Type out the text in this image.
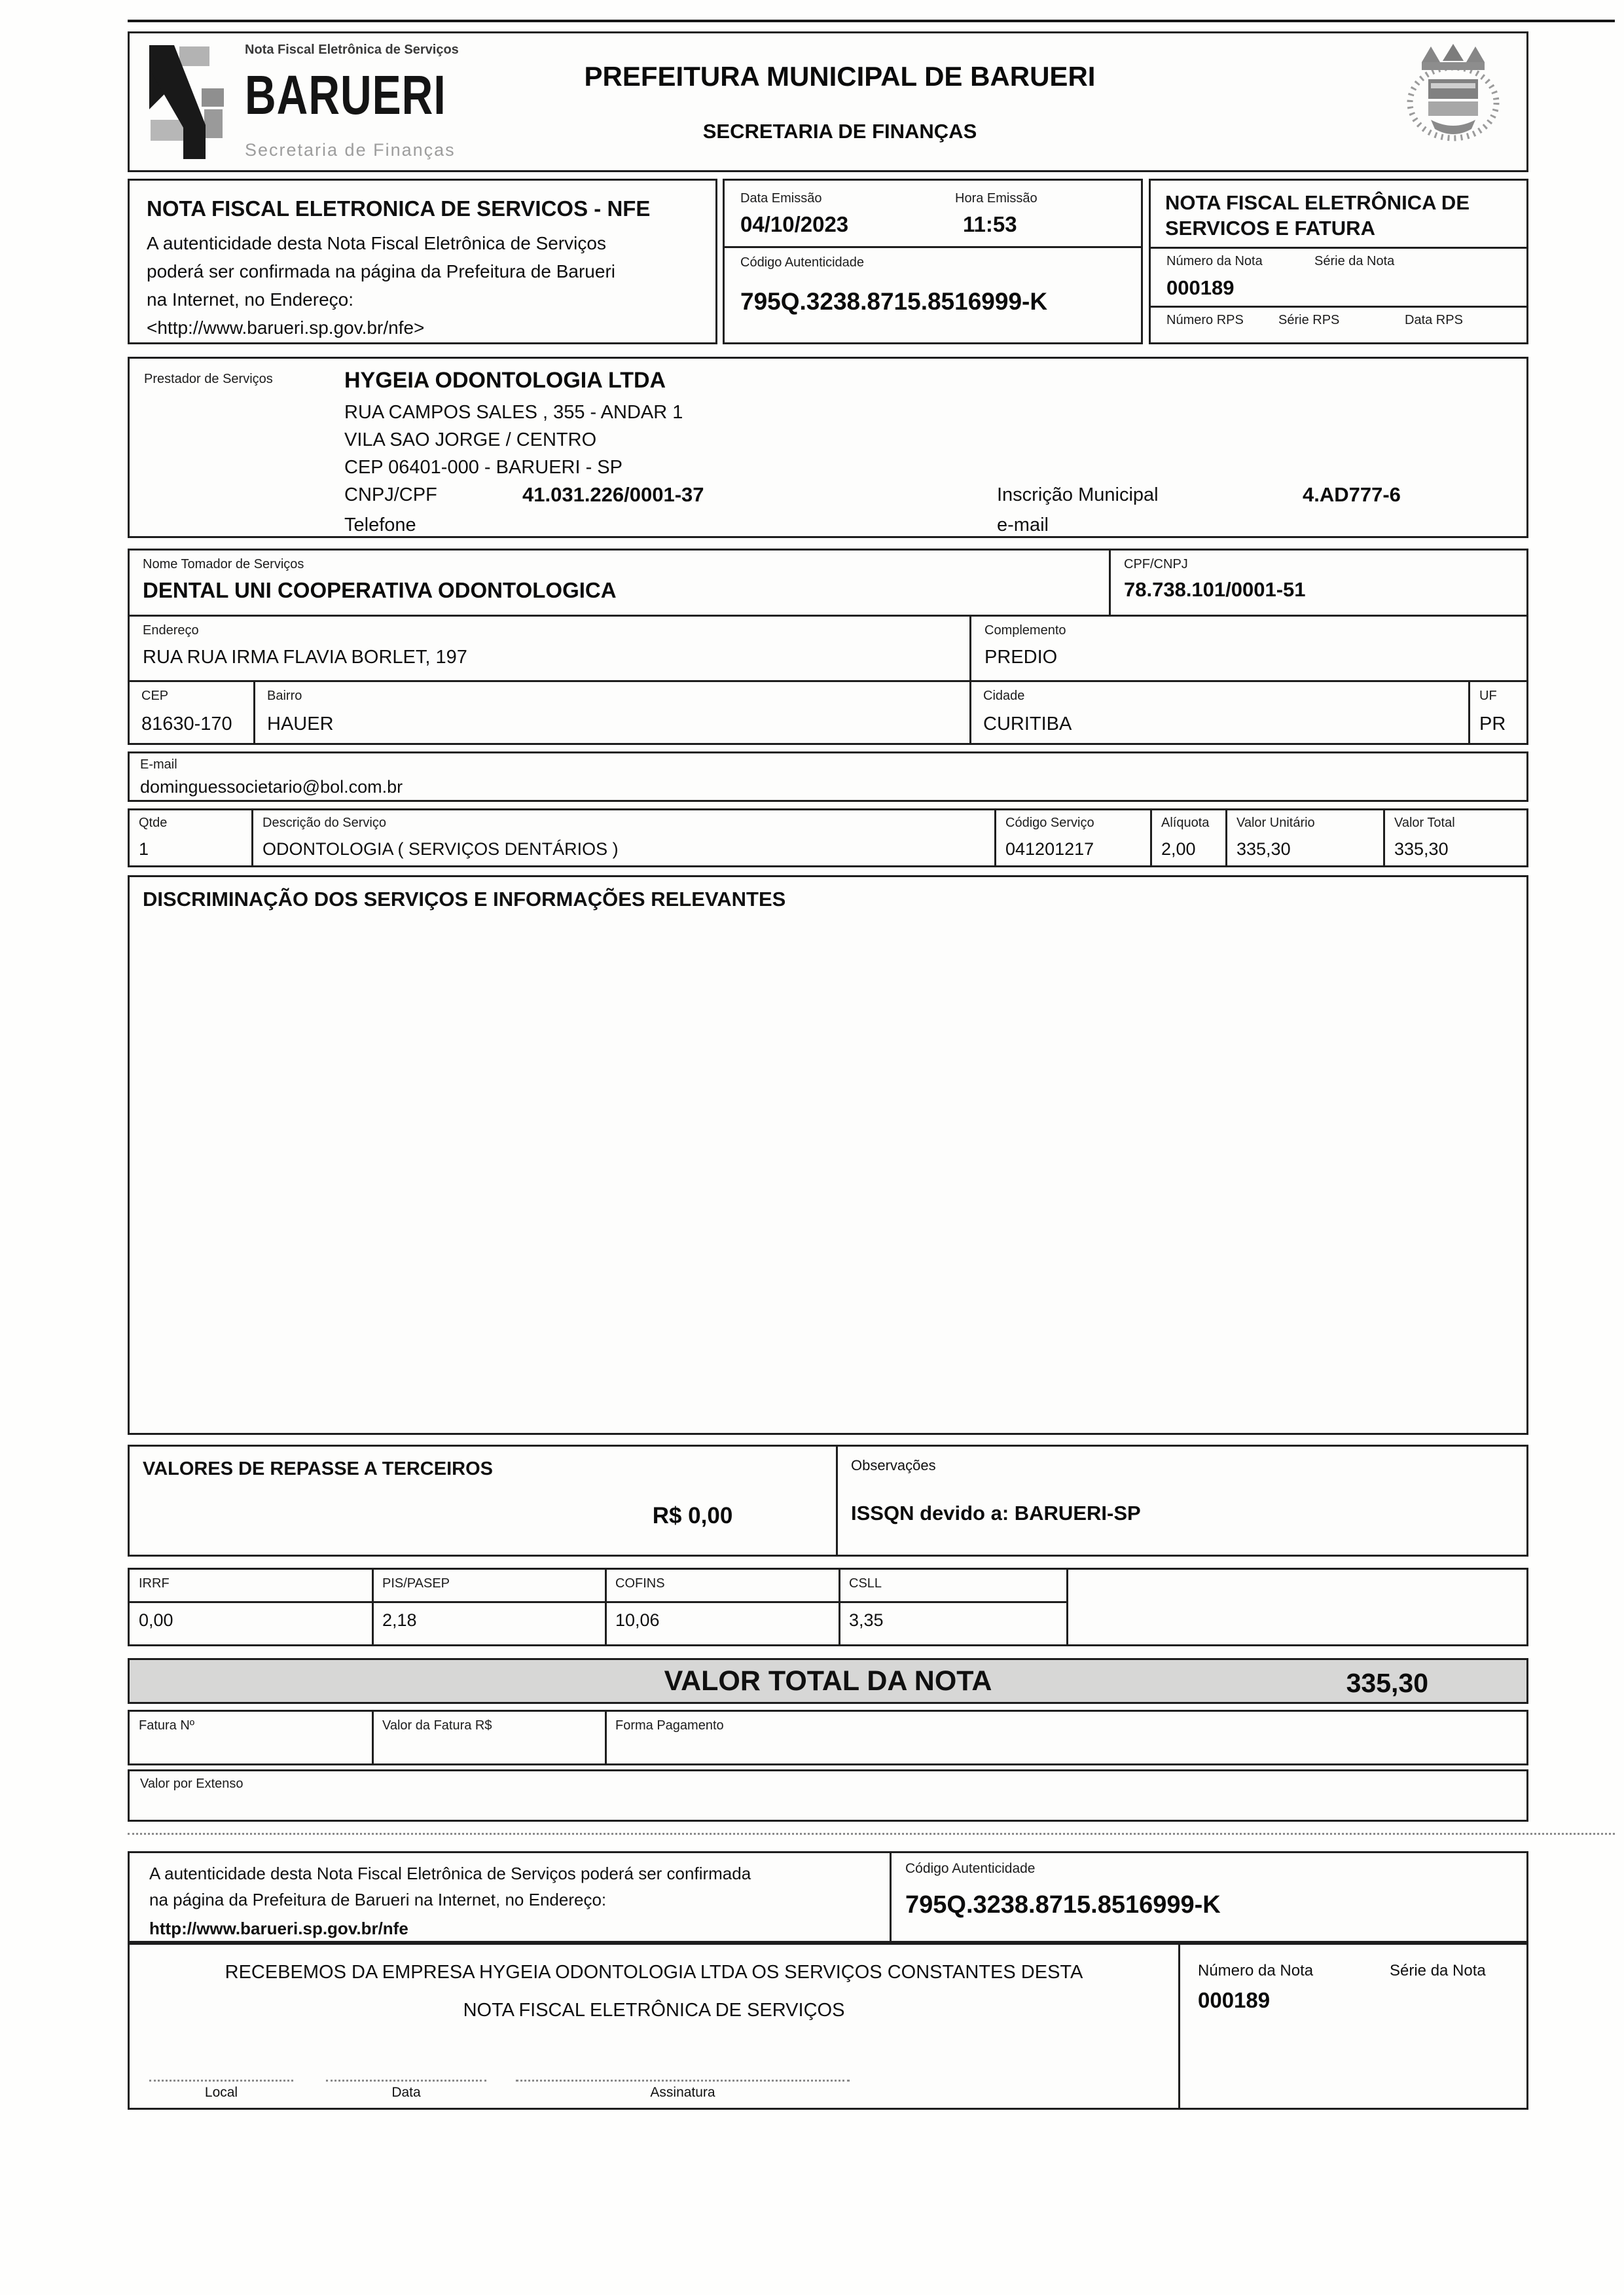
Nota Fiscal Eletrônica de Serviços
BARUERI
Secretaria de Finanças
PREFEITURA MUNICIPAL DE BARUERI
SECRETARIA DE FINANÇAS
NOTA FISCAL ELETRONICA DE SERVICOS - NFE
A autenticidade desta Nota Fiscal Eletrônica de Serviços
poderá ser confirmada na página da Prefeitura de Barueri
na Internet, no Endereço:
<http://www.barueri.sp.gov.br/nfe>
Data Emissão
04/10/2023
Hora Emissão
11:53
Código Autenticidade
795Q.3238.8715.8516999-K
NOTA FISCAL ELETRÔNICA DE SERVICOS E FATURA
Número da Nota	Série da Nota
000189
Número RPS	Série RPS	Data RPS
Prestador de Serviços	HYGEIA ODONTOLOGIA LTDA
RUA CAMPOS SALES , 355 - ANDAR 1
VILA SAO JORGE / CENTRO
CEP 06401-000 - BARUERI - SP
CNPJ/CPF	41.031.226/0001-37	Inscrição Municipal	4.AD777-6
Telefone	e-mail
Nome Tomador de Serviços
DENTAL UNI COOPERATIVA ODONTOLOGICA
CPF/CNPJ
78.738.101/0001-51
Endereço
RUA RUA IRMA FLAVIA BORLET, 197
Complemento
PREDIO
CEP
81630-170
Bairro
HAUER
Cidade
CURITIBA
UF
PR
E-mail
dominguessocietario@bol.com.br
Qtde
1
Descrição do Serviço
ODONTOLOGIA ( SERVIÇOS DENTÁRIOS )
Código Serviço
041201217
Alíquota
2,00
Valor Unitário
335,30
Valor Total
335,30
DISCRIMINAÇÃO DOS SERVIÇOS E INFORMAÇÕES RELEVANTES
VALORES DE REPASSE A TERCEIROS
R$ 0,00
Observações
ISSQN devido a: BARUERI-SP
IRRF
0,00
PIS/PASEP
2,18
COFINS
10,06
CSLL
3,35
VALOR TOTAL DA NOTA	335,30
Fatura Nº	Valor da Fatura R$	Forma Pagamento
Valor por Extenso
A autenticidade desta Nota Fiscal Eletrônica de Serviços poderá ser confirmada
na página da Prefeitura de Barueri na Internet, no Endereço:
http://www.barueri.sp.gov.br/nfe
Código Autenticidade
795Q.3238.8715.8516999-K
RECEBEMOS DA EMPRESA HYGEIA ODONTOLOGIA LTDA OS SERVIÇOS CONSTANTES DESTA
NOTA FISCAL ELETRÔNICA DE SERVIÇOS
Local	Data	Assinatura
Número da Nota	Série da Nota
000189
